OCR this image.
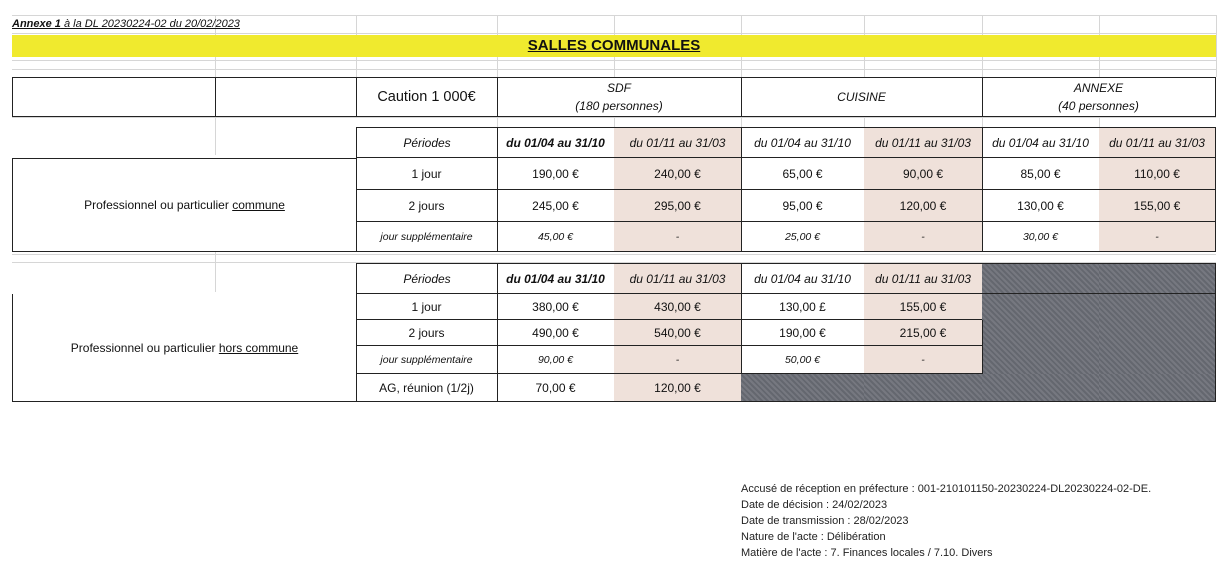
Annexe 1 à la DL 20230224-02 du 20/02/2023
SALLES COMMUNALES
Caution 1 000€
SDF
(180 personnes)
CUISINE
ANNEXE
(40 personnes)
Périodes	du 01/04 au 31/10	du 01/11 au 31/03	du 01/04 au 31/10	du 01/11 au 31/03	du 01/04 au 31/10	du 01/11 au 31/03
Professionnel ou particulier commune
1 jour	190,00 €	240,00 €	65,00 €	90,00 €	85,00 €	110,00 €
2 jours	245,00 €	295,00 €	95,00 €	120,00 €	130,00 €	155,00 €
jour supplémentaire	45,00 €	-	25,00 €	-	30,00 €	-
Périodes	du 01/04 au 31/10	du 01/11 au 31/03	du 01/04 au 31/10	du 01/11 au 31/03
Professionnel ou particulier hors commune
1 jour	380,00 €	430,00 €	130,00 £	155,00 €
2 jours	490,00 €	540,00 €	190,00 €	215,00 €
jour supplémentaire	90,00 €	-	50,00 €	-
AG, réunion (1/2j)	70,00 €	120,00 €
Accusé de réception en préfecture : 001-210101150-20230224-DL20230224-02-DE.
Date de décision : 24/02/2023
Date de transmission : 28/02/2023
Nature de l'acte : Délibération
Matière de l'acte : 7. Finances locales / 7.10. Divers
